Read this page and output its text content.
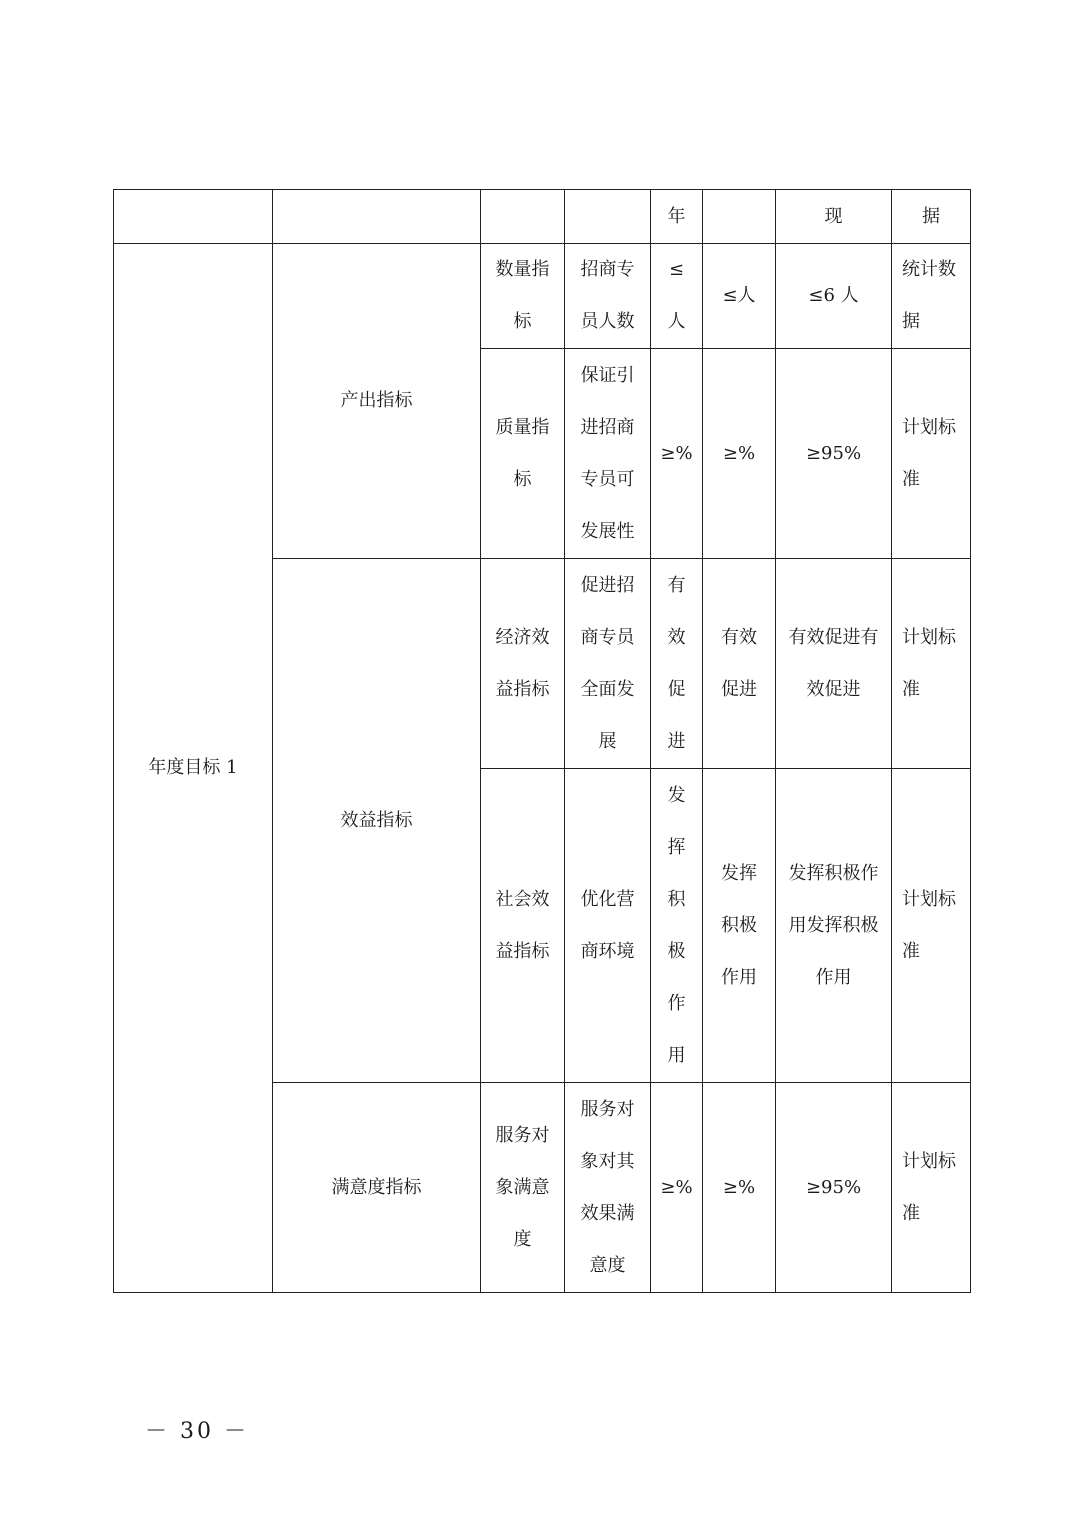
				年		现	据
年度目标 1	产出指标	数量指标	招商专员人数	≤人	≤人	≤6 人	统计数据
		质量指标	保证引进招商专员可发展性	≥%	≥%	≥95%	计划标准
	效益指标	经济效益指标	促进招商专员全面发展	有效促进	有效促进	有效促进有效促进	计划标准
		社会效益指标	优化营商环境	发挥积极作用	发挥积极作用	发挥积极作用发挥积极作用	计划标准
	满意度指标	服务对象满意度	服务对象对其效果满意度	≥%	≥%	≥95%	计划标准
－ 30 －
